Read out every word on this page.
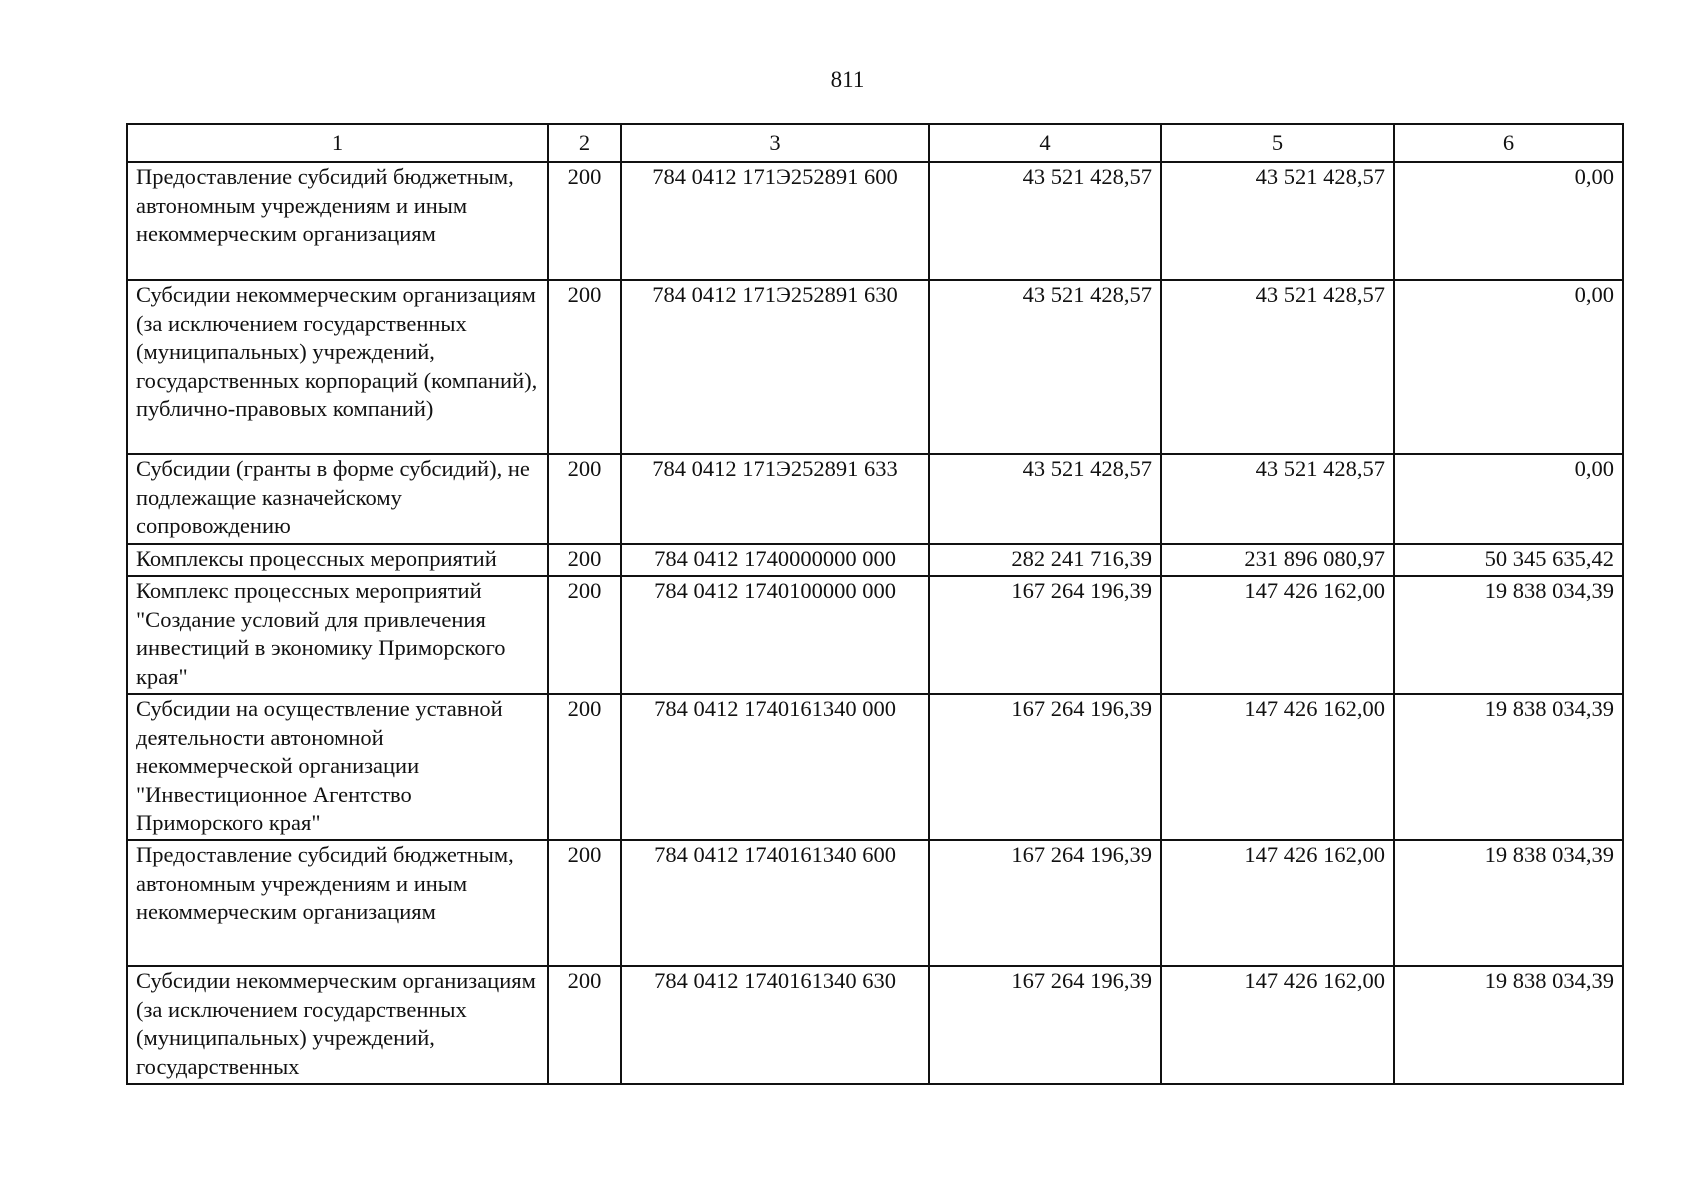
811
1	2	3	4	5	6
Предоставление субсидий бюджетным, автономным учреждениям и иным некоммерческим организациям	200	784 0412 171Э252891 600	43 521 428,57	43 521 428,57	0,00
Субсидии некоммерческим организациям (за исключением государственных (муниципальных) учреждений, государственных корпораций (компаний), публично-правовых компаний)	200	784 0412 171Э252891 630	43 521 428,57	43 521 428,57	0,00
Субсидии (гранты в форме субсидий), не подлежащие казначейскому сопровождению	200	784 0412 171Э252891 633	43 521 428,57	43 521 428,57	0,00
Комплексы процессных мероприятий	200	784 0412 1740000000 000	282 241 716,39	231 896 080,97	50 345 635,42
Комплекс процессных мероприятий "Создание условий для привлечения инвестиций в экономику Приморского края"	200	784 0412 1740100000 000	167 264 196,39	147 426 162,00	19 838 034,39
Субсидии на осуществление уставной деятельности автономной некоммерческой организации "Инвестиционное Агентство Приморского края"	200	784 0412 1740161340 000	167 264 196,39	147 426 162,00	19 838 034,39
Предоставление субсидий бюджетным, автономным учреждениям и иным некоммерческим организациям	200	784 0412 1740161340 600	167 264 196,39	147 426 162,00	19 838 034,39
Субсидии некоммерческим организациям (за исключением государственных (муниципальных) учреждений, государственных	200	784 0412 1740161340 630	167 264 196,39	147 426 162,00	19 838 034,39
